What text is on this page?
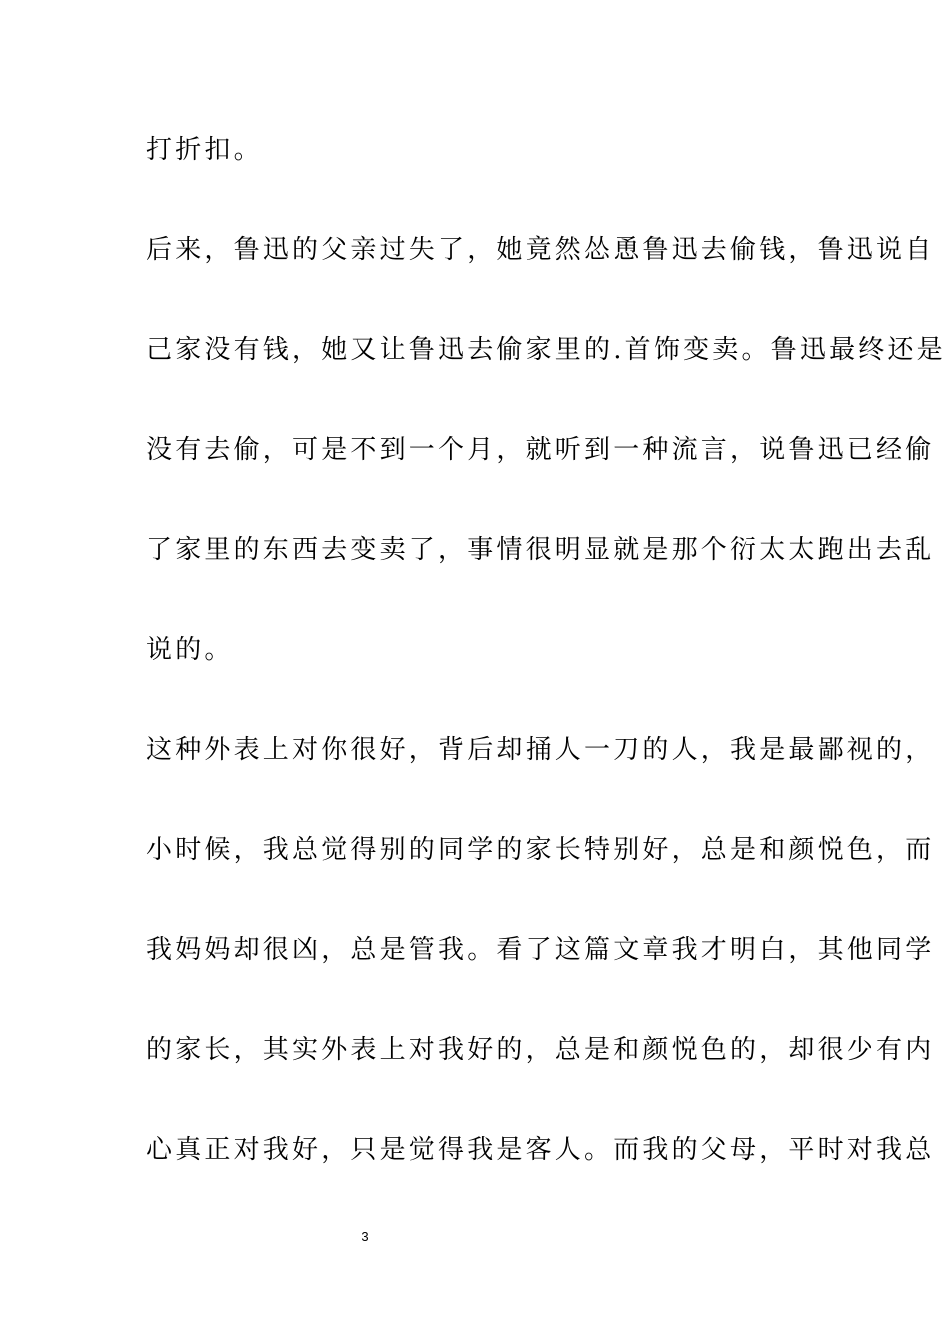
打折扣。
后来，鲁迅的父亲过失了，她竟然怂恿鲁迅去偷钱，鲁迅说自
己家没有钱，她又让鲁迅去偷家里的.首饰变卖。鲁迅最终还是
没有去偷，可是不到一个月，就听到一种流言，说鲁迅已经偷
了家里的东西去变卖了，事情很明显就是那个衍太太跑出去乱
说的。
这种外表上对你很好，背后却捅人一刀的人，我是最鄙视的，
小时候，我总觉得别的同学的家长特别好，总是和颜悦色，而
我妈妈却很凶，总是管我。看了这篇文章我才明白，其他同学
的家长，其实外表上对我好的，总是和颜悦色的，却很少有内
心真正对我好，只是觉得我是客人。而我的父母，平时对我总
3
